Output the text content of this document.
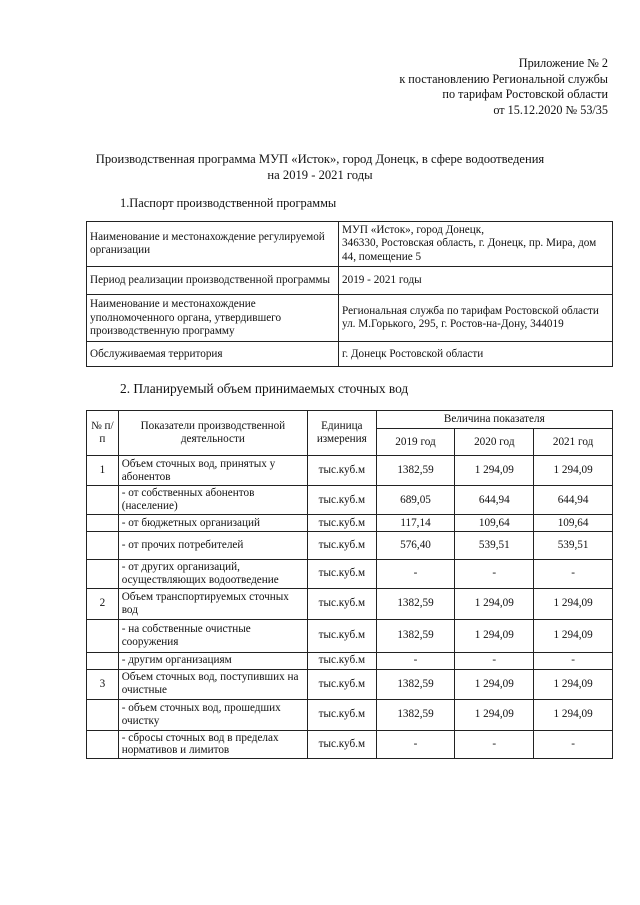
Приложение № 2
к постановлению Региональной службы
по тарифам Ростовской области
от 15.12.2020 № 53/35
Производственная программа МУП «Исток», город Донецк, в сфере водоотведения
на 2019 - 2021 годы
1.Паспорт производственной программы
Наименование и местонахождение регулируемой организации	МУП «Исток», город Донецк,
346330, Ростовская область, г. Донецк, пр. Мира, дом 44, помещение 5

Период реализации производственной программы	2019 - 2021 годы
Наименование и местонахождение уполномоченного органа, утвердившего производственную программу	Региональная служба по тарифам Ростовской области
ул. М.Горького, 295, г. Ростов-на-Дону, 344019

Обслуживаемая территория	г. Донецк Ростовской области
2. Планируемый объем принимаемых сточных вод
№ п/п	Показатели производственной деятельности	Единица измерения	Величина показателя		
			2019 год	2020 год	2021 год
1	Объем сточных вод, принятых у абонентов	тыс.куб.м	1382,59	1 294,09	1 294,09
	- от собственных абонентов (население)	тыс.куб.м	689,05	644,94	644,94
	- от бюджетных организаций	тыс.куб.м	117,14	109,64	109,64
	- от прочих потребителей	тыс.куб.м	576,40	539,51	539,51
	- от других организаций, осуществляющих водоотведение	тыс.куб.м	-	-	-
2	Объем транспортируемых сточных вод	тыс.куб.м	1382,59	1 294,09	1 294,09
	- на собственные очистные сооружения	тыс.куб.м	1382,59	1 294,09	1 294,09
	- другим организациям	тыс.куб.м	-	-	-
3	Объем сточных вод, поступивших на очистные	тыс.куб.м	1382,59	1 294,09	1 294,09
	- объем сточных вод, прошедших очистку	тыс.куб.м	1382,59	1 294,09	1 294,09
	- сбросы сточных вод в пределах нормативов и лимитов	тыс.куб.м	-	-	-
